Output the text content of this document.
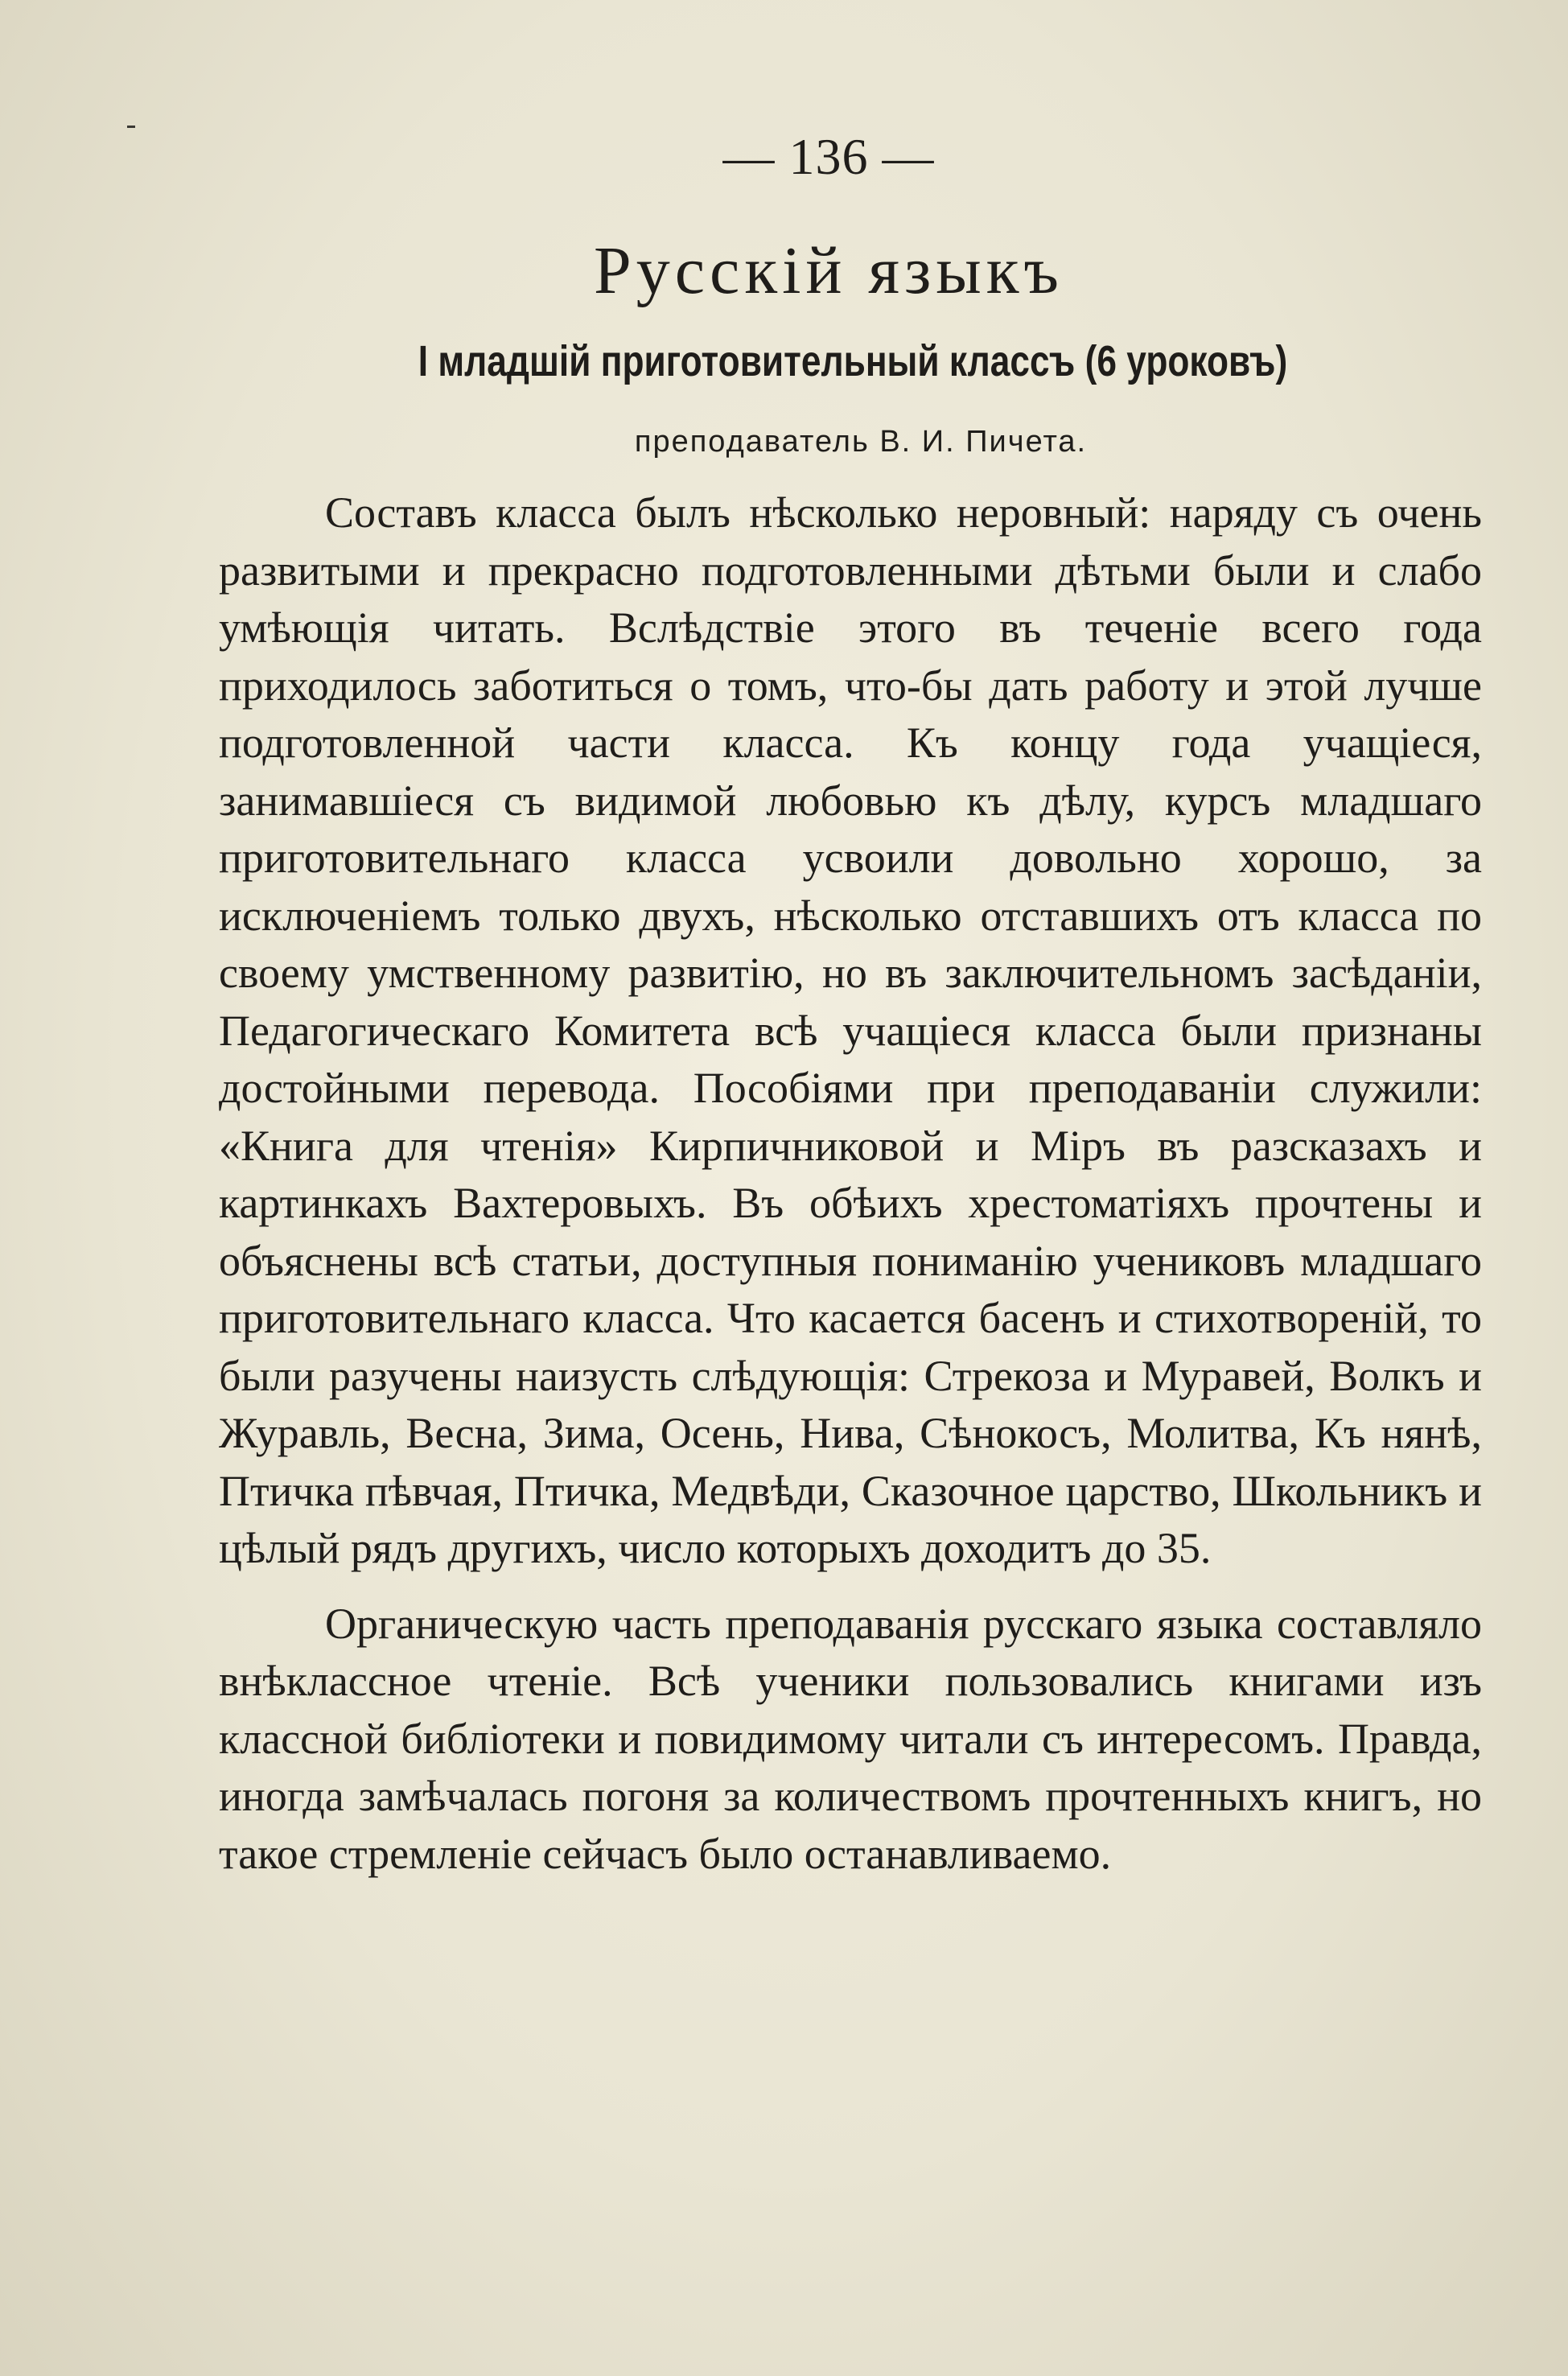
— 136 —
Русскій языкъ
I младшій приготовительный классъ (6 уроковъ)
преподаватель В. И. Пичета.

Составъ класса былъ нѣсколько неровный: наряду съ очень развитыми и прекрасно подготовленными дѣтьми были и слабо умѣющія читать. Вслѣдствіе этого въ теченіе всего года приходилось заботиться о томъ, что-бы дать работу и этой лучше подготовленной части класса. Къ концу года учащіеся, занимавшіеся съ видимой любовью къ дѣлу, курсъ младшаго приготовительнаго класса усвоили довольно хорошо, за исключеніемъ только двухъ, нѣсколько отставшихъ отъ класса по своему умственному развитію, но въ заключительномъ засѣданіи, Педагогическаго Комитета всѣ учащіеся класса были признаны достойными перевода. Пособіями при преподаваніи служили: «Книга для чтенія» Кирпичниковой и Міръ въ разсказахъ и картинкахъ Вахтеровыхъ. Въ обѣихъ хрестоматіяхъ прочтены и объяснены всѣ статьи, доступныя пониманію учениковъ младшаго приготовительнаго класса. Что касается басенъ и стихотвореній, то были разучены наизусть слѣдующія: Стрекоза и Муравей, Волкъ и Журавль, Весна, Зима, Осень, Нива, Сѣнокосъ, Молитва, Къ нянѣ, Птичка пѣвчая, Птичка, Медвѣди, Сказочное царство, Школьникъ и цѣлый рядъ другихъ, число которыхъ доходитъ до 35.

Органическую часть преподаванія русскаго языка составляло внѣклассное чтеніе. Всѣ ученики пользовались книгами изъ классной библіотеки и повидимому читали съ интересомъ. Правда, иногда замѣчалась погоня за количествомъ прочтенныхъ книгъ, но такое стремленіе сейчасъ было останавливаемо.
